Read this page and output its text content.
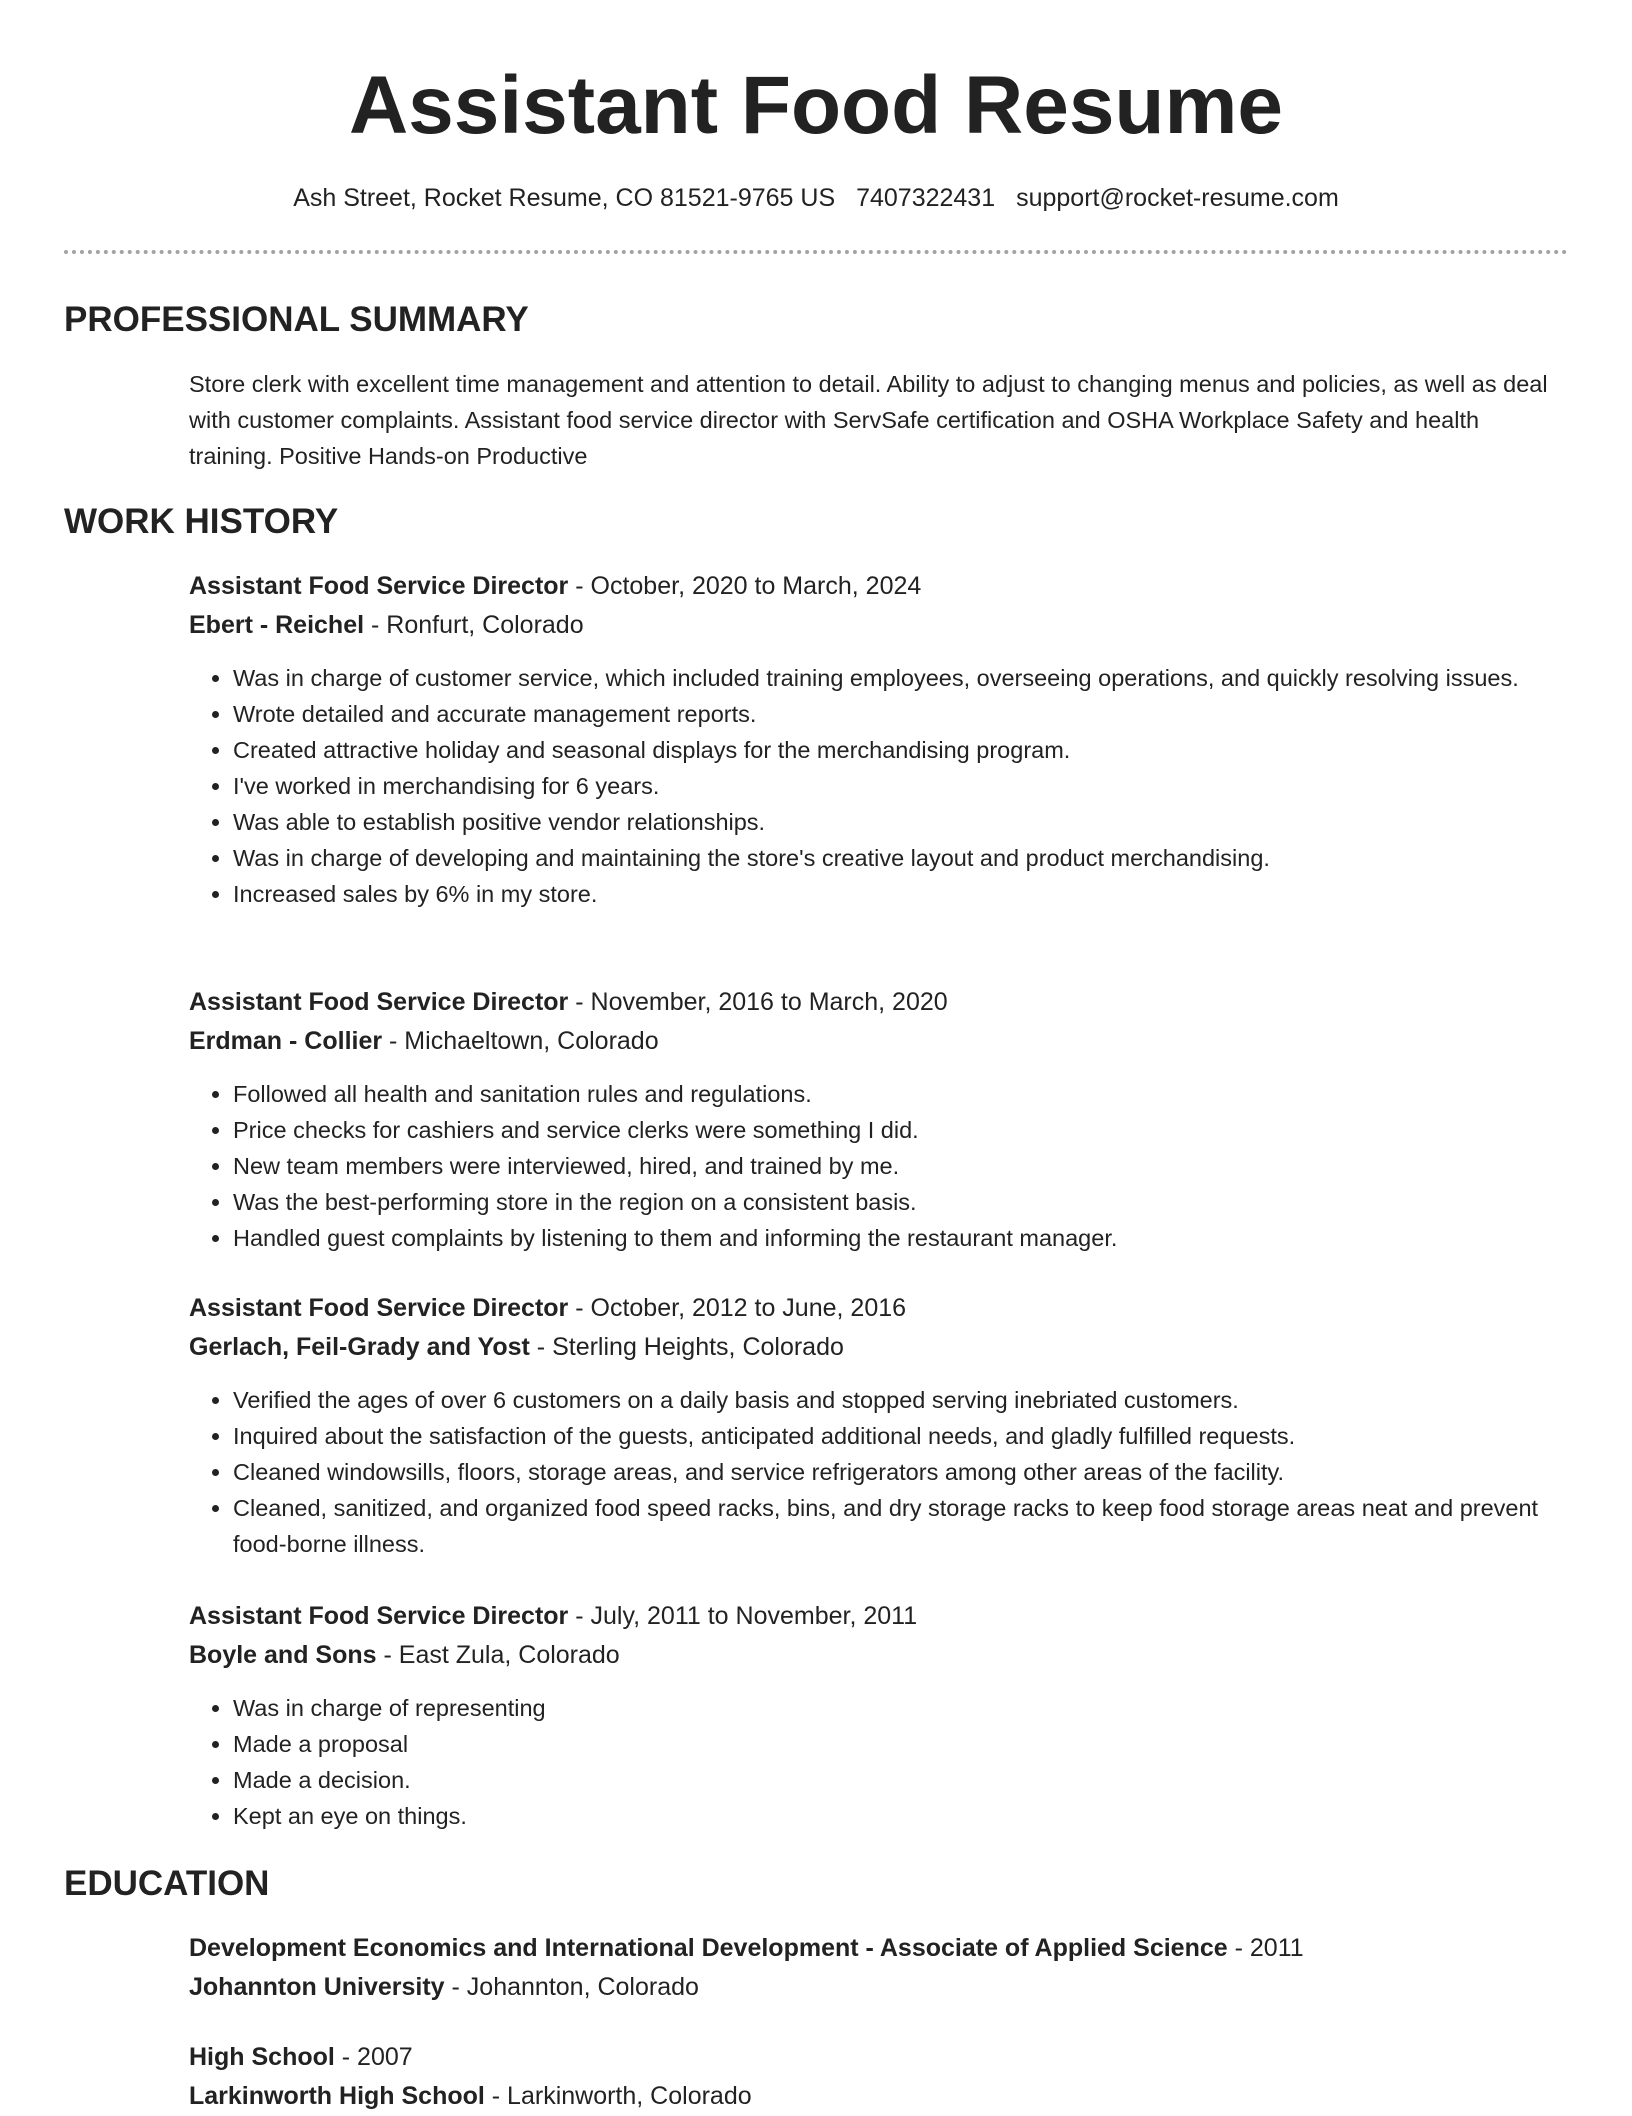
Assistant Food Resume
Ash Street, Rocket Resume, CO 81521-9765 US 7407322431 support@rocket-resume.com
PROFESSIONAL SUMMARY

Store clerk with excellent time management and attention to detail. Ability to adjust to changing menus and policies, as well as deal with customer complaints. Assistant food service director with ServSafe certification and OSHA Workplace Safety and health training. Positive Hands-on Productive

WORK HISTORY

Assistant Food Service Director - October, 2020 to March, 2024

Ebert - Reichel - Ronfurt, Colorado

• Was in charge of customer service, which included training employees, overseeing operations, and quickly resolving issues.
• Wrote detailed and accurate management reports.
• Created attractive holiday and seasonal displays for the merchandising program.
• I've worked in merchandising for 6 years.
• Was able to establish positive vendor relationships.
• Was in charge of developing and maintaining the store's creative layout and product merchandising.
• Increased sales by 6% in my store.

Assistant Food Service Director - November, 2016 to March, 2020

Erdman - Collier - Michaeltown, Colorado

• Followed all health and sanitation rules and regulations.
• Price checks for cashiers and service clerks were something I did.
• New team members were interviewed, hired, and trained by me.
• Was the best-performing store in the region on a consistent basis.
• Handled guest complaints by listening to them and informing the restaurant manager.

Assistant Food Service Director - October, 2012 to June, 2016

Gerlach, Feil-Grady and Yost - Sterling Heights, Colorado

• Verified the ages of over 6 customers on a daily basis and stopped serving inebriated customers.
• Inquired about the satisfaction of the guests, anticipated additional needs, and gladly fulfilled requests.
• Cleaned windowsills, floors, storage areas, and service refrigerators among other areas of the facility.
• Cleaned, sanitized, and organized food speed racks, bins, and dry storage racks to keep food storage areas neat and prevent food-borne illness.

Assistant Food Service Director - July, 2011 to November, 2011

Boyle and Sons - East Zula, Colorado

• Was in charge of representing
• Made a proposal
• Made a decision.
• Kept an eye on things.
EDUCATION

Development Economics and International Development - Associate of Applied Science - 2011

Johannton University - Johannton, Colorado

High School - 2007

Larkinworth High School - Larkinworth, Colorado
